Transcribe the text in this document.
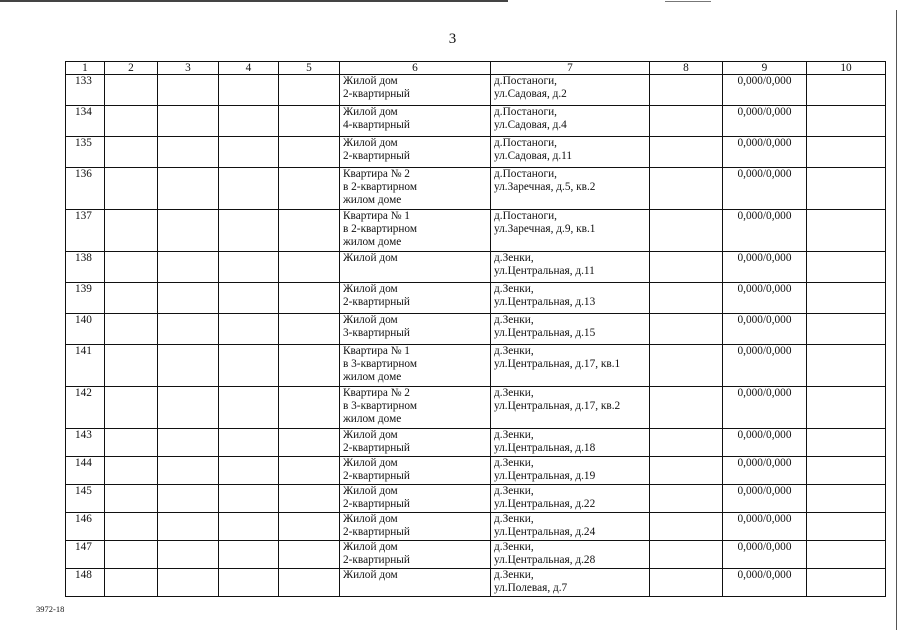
3
1	2	3	4	5	6	7	8	9	10
133					Жилой дом
2-квартирный	д.Постаноги,
ул.Садовая, д.2		0,000/0,000	
134					Жилой дом
4-квартирный	д.Постаноги,
ул.Садовая, д.4		0,000/0,000	
135					Жилой дом
2-квартирный	д.Постаноги,
ул.Садовая, д.11		0,000/0,000	
136					Квартира № 2
в 2-квартирном
жилом доме	д.Постаноги,
ул.Заречная, д.5, кв.2		0,000/0,000	
137					Квартира № 1
в 2-квартирном
жилом доме	д.Постаноги,
ул.Заречная, д.9, кв.1		0,000/0,000	
138					Жилой дом	д.Зенки,
ул.Центральная, д.11		0,000/0,000	
139					Жилой дом
2-квартирный	д.Зенки,
ул.Центральная, д.13		0,000/0,000	
140					Жилой дом
3-квартирный	д.Зенки,
ул.Центральная, д.15		0,000/0,000	
141					Квартира № 1
в 3-квартирном
жилом доме	д.Зенки,
ул.Центральная, д.17, кв.1		0,000/0,000	
142					Квартира № 2
в 3-квартирном
жилом доме	д.Зенки,
ул.Центральная, д.17, кв.2		0,000/0,000	
143					Жилой дом
2-квартирный	д.Зенки,
ул.Центральная, д.18		0,000/0,000	
144					Жилой дом
2-квартирный	д.Зенки,
ул.Центральная, д.19		0,000/0,000	
145					Жилой дом
2-квартирный	д.Зенки,
ул.Центральная, д.22		0,000/0,000	
146					Жилой дом
2-квартирный	д.Зенки,
ул.Центральная, д.24		0,000/0,000	
147					Жилой дом
2-квартирный	д.Зенки,
ул.Центральная, д.28		0,000/0,000	
148					Жилой дом	д.Зенки,
ул.Полевая, д.7		0,000/0,000	
3972-18
